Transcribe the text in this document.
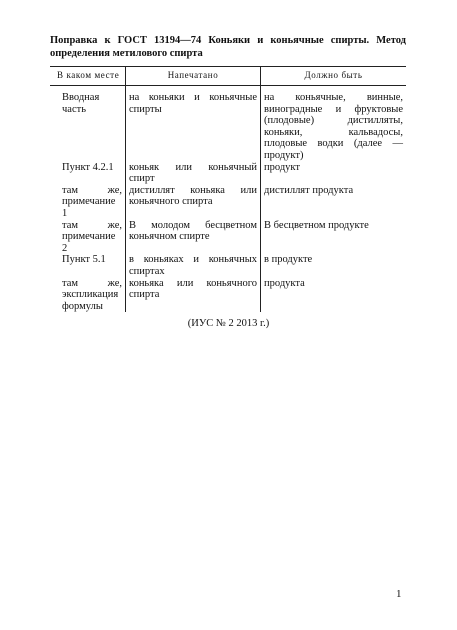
Поправка к ГОСТ 13194—74 Коньяки и коньячные спирты. Метод определения метилового спирта
В каком месте	Напечатано	Должно быть

Вводная часть	на коньяки и коньячные спирты	на коньячные, винные, виноградные и фруктовые (плодовые) дистилляты, коньяки, кальвадосы, плодовые водки (далее — продукт)

Пункт 4.2.1	коньяк или коньячный спирт	продукт

там же, примечание 1	дистиллят коньяка или коньячного спирта	дистиллят продукта

там же, примечание 2	В молодом бесцветном коньячном спирте	В бесцветном продукте

Пункт 5.1	в коньяках и коньячных спиртах	в продукте

там же, экспликация формулы	коньяка или коньячного спирта	продукта
(ИУС № 2 2013 г.)
1
